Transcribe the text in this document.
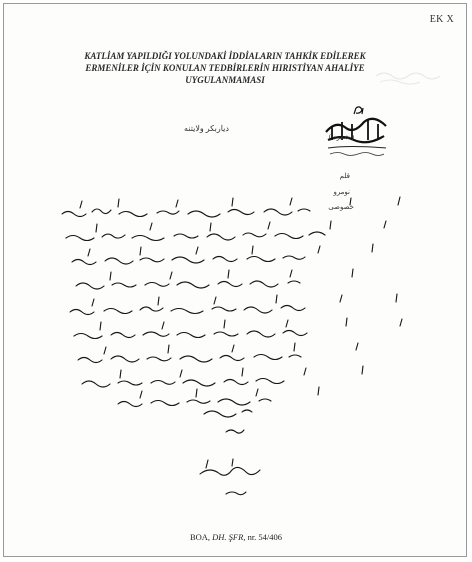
EK X
KATLİAM YAPILDIĞI YOLUNDAKİ İDDİALARIN TAHKİK EDİLEREK
ERMENİLER İÇİN KONULAN TEDBİRLERİN HIRISTİYAN AHALİYE
UYGULANMAMASI
( شفره )
دیاربکر ولایتنه
قلم
نومرو
خصوصی
BOA, DH. ŞFR, nr. 54/406
